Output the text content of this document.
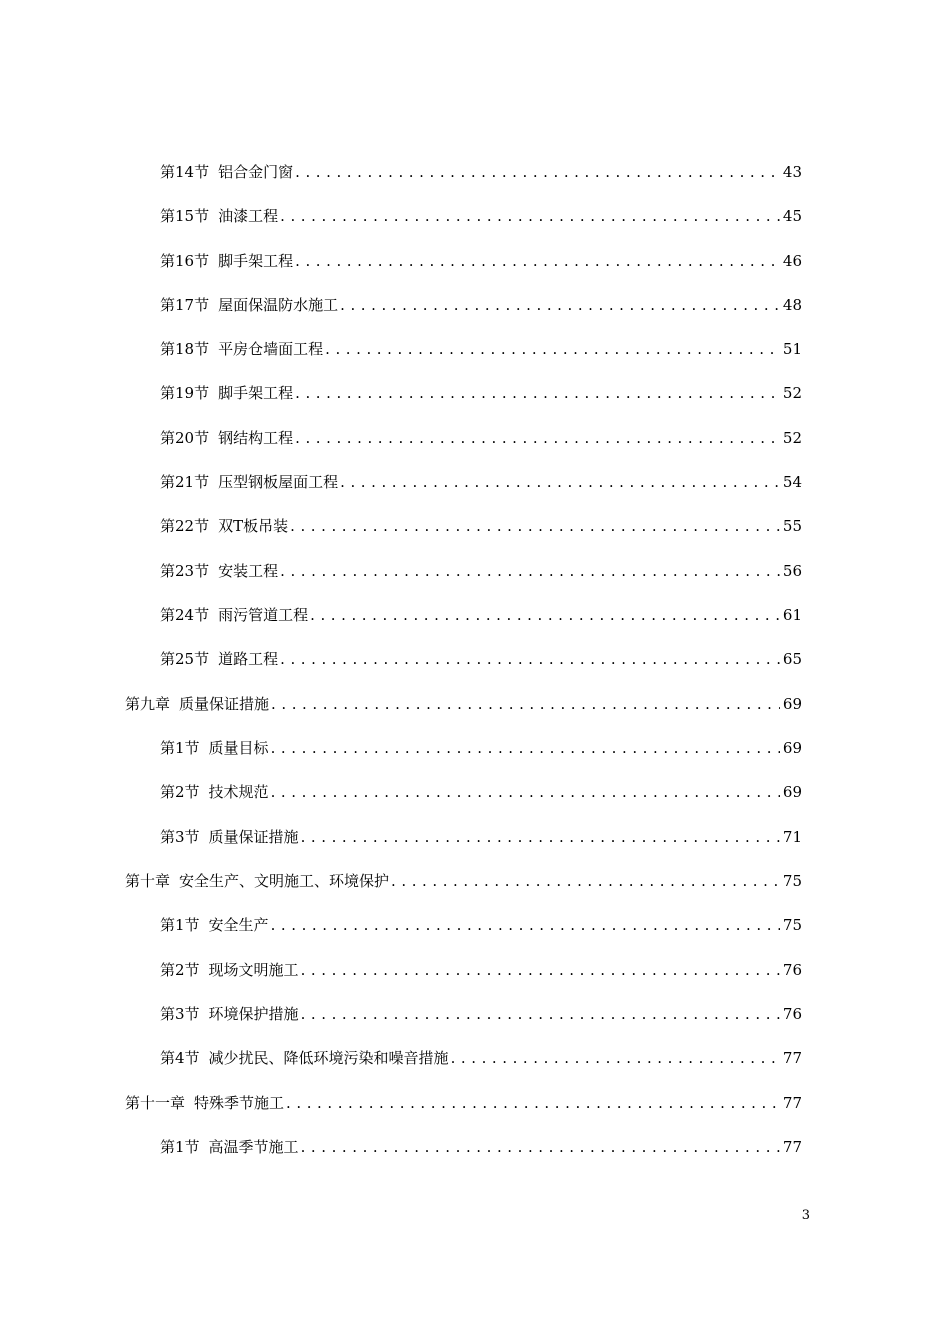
第14节 铝合金门窗 . . .	43
第15节 油漆工程 . . .	45
第16节 脚手架工程 . . .	46
第17节 屋面保温防水施工 . . .	48
第18节 平房仓墙面工程 . . .	51
第19节 脚手架工程 . . .	52
第20节 钢结构工程 . . .	52
第21节 压型钢板屋面工程 . . .	54
第22节 双T板吊装 . . .	55
第23节 安装工程 . . .	56
第24节 雨污管道工程 . . .	61
第25节 道路工程 . . .	65
第九章 质量保证措施 . . .	69
第1节 质量目标 . . .	69
第2节 技术规范 . . .	69
第3节 质量保证措施 . . .	71
第十章 安全生产、文明施工、环境保护 . . .	75
第1节 安全生产 . . .	75
第2节 现场文明施工 . . .	76
第3节 环境保护措施 . . .	76
第4节 减少扰民、降低环境污染和噪音措施 . . .	77
第十一章 特殊季节施工 . . .	77
第1节 高温季节施工 . . .	77
3
